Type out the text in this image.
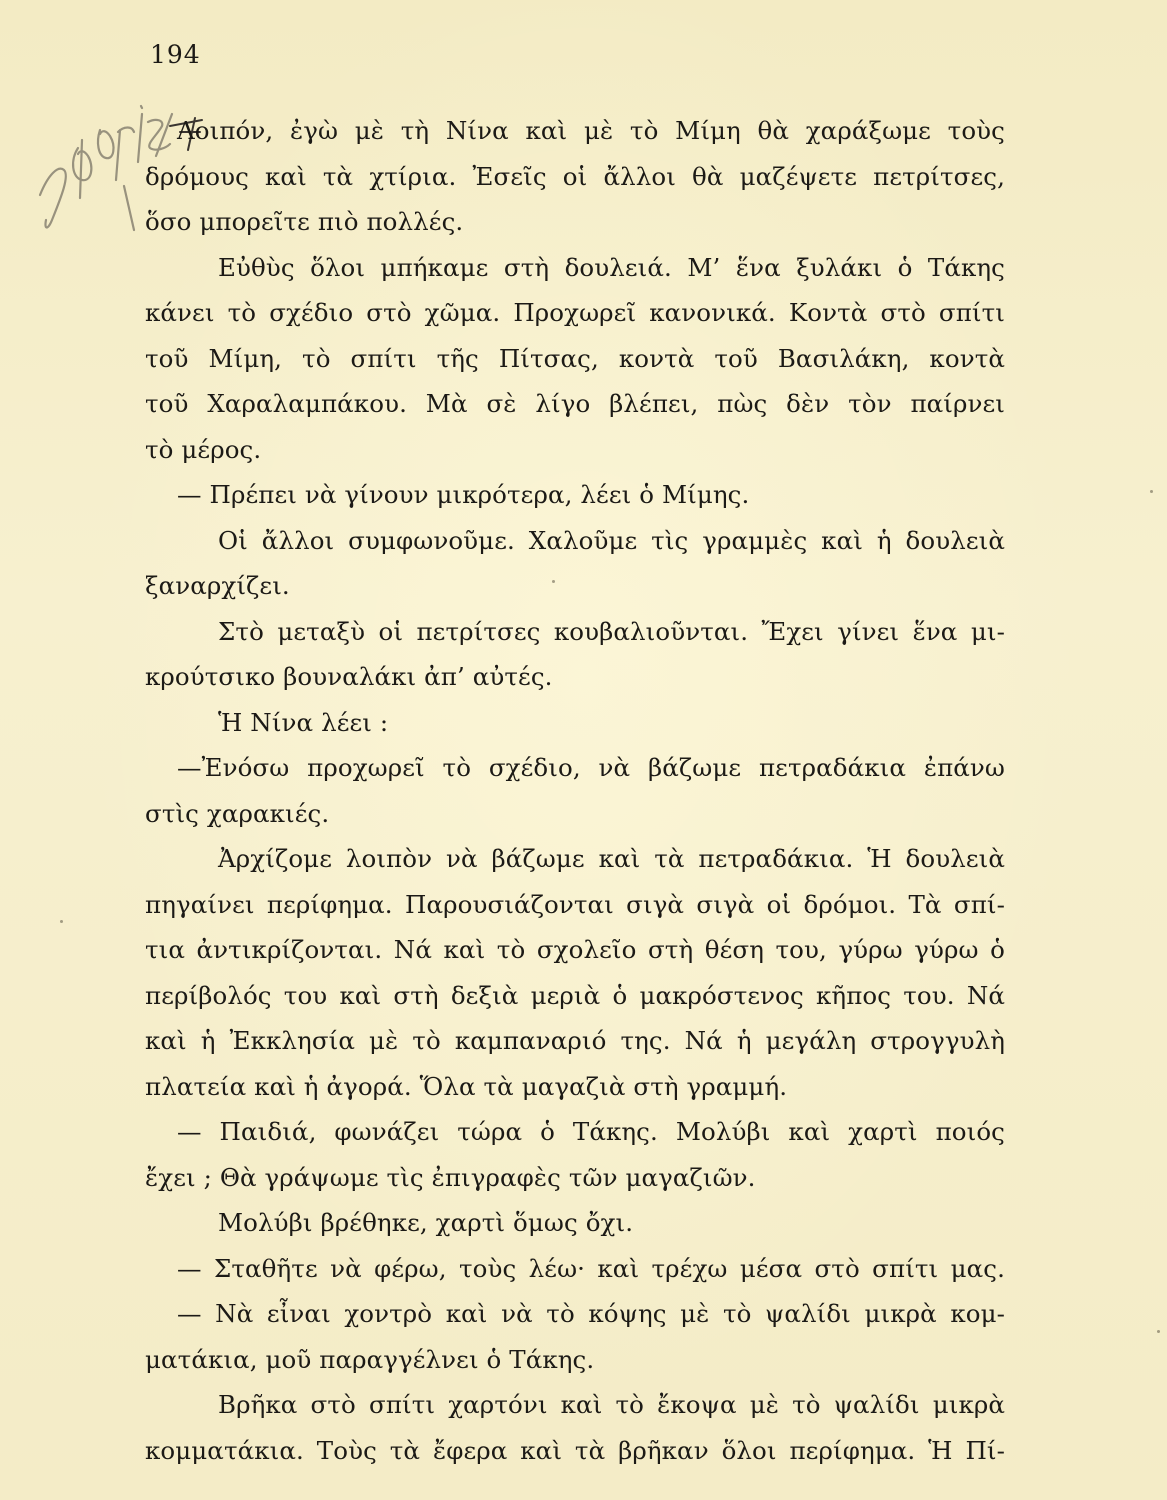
194
Λοιπόν, ἐγὼ μὲ τὴ Νίνα καὶ μὲ τὸ Μίμη θὰ χαράξωμε τοὺς
δρόμους καὶ τὰ χτίρια. Ἐσεῖς οἱ ἄλλοι θὰ μαζέψετε πετρίτσες,
ὅσο μπορεῖτε πιὸ πολλές.
Εὐθὺς ὅλοι μπήκαμε στὴ δουλειά. Μ’ ἕνα ξυλάκι ὁ Τάκης
κάνει τὸ σχέδιο στὸ χῶμα. Προχωρεῖ κανονικά. Κοντὰ στὸ σπίτι
τοῦ Μίμη, τὸ σπίτι τῆς Πίτσας, κοντὰ τοῦ Βασιλάκη, κοντὰ
τοῦ Χαραλαμπάκου. Μὰ σὲ λίγο βλέπει, πὼς δὲν τὸν παίρνει
τὸ μέρος.
— Πρέπει νὰ γίνουν μικρότερα, λέει ὁ Μίμης.
Οἱ ἄλλοι συμφωνοῦμε. Χαλοῦμε τὶς γραμμὲς καὶ ἡ δουλειὰ
ξαναρχίζει.
Στὸ μεταξὺ οἱ πετρίτσες κουβαλιοῦνται. Ἔχει γίνει ἕνα μι-
κρούτσικο βουναλάκι ἀπ’ αὐτές.
Ἡ Νίνα λέει :
—Ἐνόσω προχωρεῖ τὸ σχέδιο, νὰ βάζωμε πετραδάκια ἐπάνω
στὶς χαρακιές.
Ἀρχίζομε λοιπὸν νὰ βάζωμε καὶ τὰ πετραδάκια. Ἡ δουλειὰ
πηγαίνει περίφημα. Παρουσιάζονται σιγὰ σιγὰ οἱ δρόμοι. Τὰ σπί-
τια ἀντικρίζονται. Νά καὶ τὸ σχολεῖο στὴ θέση του, γύρω γύρω ὁ
περίβολός του καὶ στὴ δεξιὰ μεριὰ ὁ μακρόστενος κῆπος του. Νά
καὶ ἡ Ἐκκλησία μὲ τὸ καμπαναριό της. Νά ἡ μεγάλη στρογγυλὴ
πλατεία καὶ ἡ ἀγορά. Ὅλα τὰ μαγαζιὰ στὴ γραμμή.
— Παιδιά, φωνάζει τώρα ὁ Τάκης. Μολύβι καὶ χαρτὶ ποιός
ἔχει ; Θὰ γράψωμε τὶς ἐπιγραφὲς τῶν μαγαζιῶν.
Μολύβι βρέθηκε, χαρτὶ ὅμως ὄχι.
— Σταθῆτε νὰ φέρω, τοὺς λέω· καὶ τρέχω μέσα στὸ σπίτι μας.
— Νὰ εἶναι χοντρὸ καὶ νὰ τὸ κόψης μὲ τὸ ψαλίδι μικρὰ κομ-
ματάκια, μοῦ παραγγέλνει ὁ Τάκης.
Βρῆκα στὸ σπίτι χαρτόνι καὶ τὸ ἔκοψα μὲ τὸ ψαλίδι μικρὰ
κομματάκια. Τοὺς τὰ ἔφερα καὶ τὰ βρῆκαν ὅλοι περίφημα. Ἡ Πί-
